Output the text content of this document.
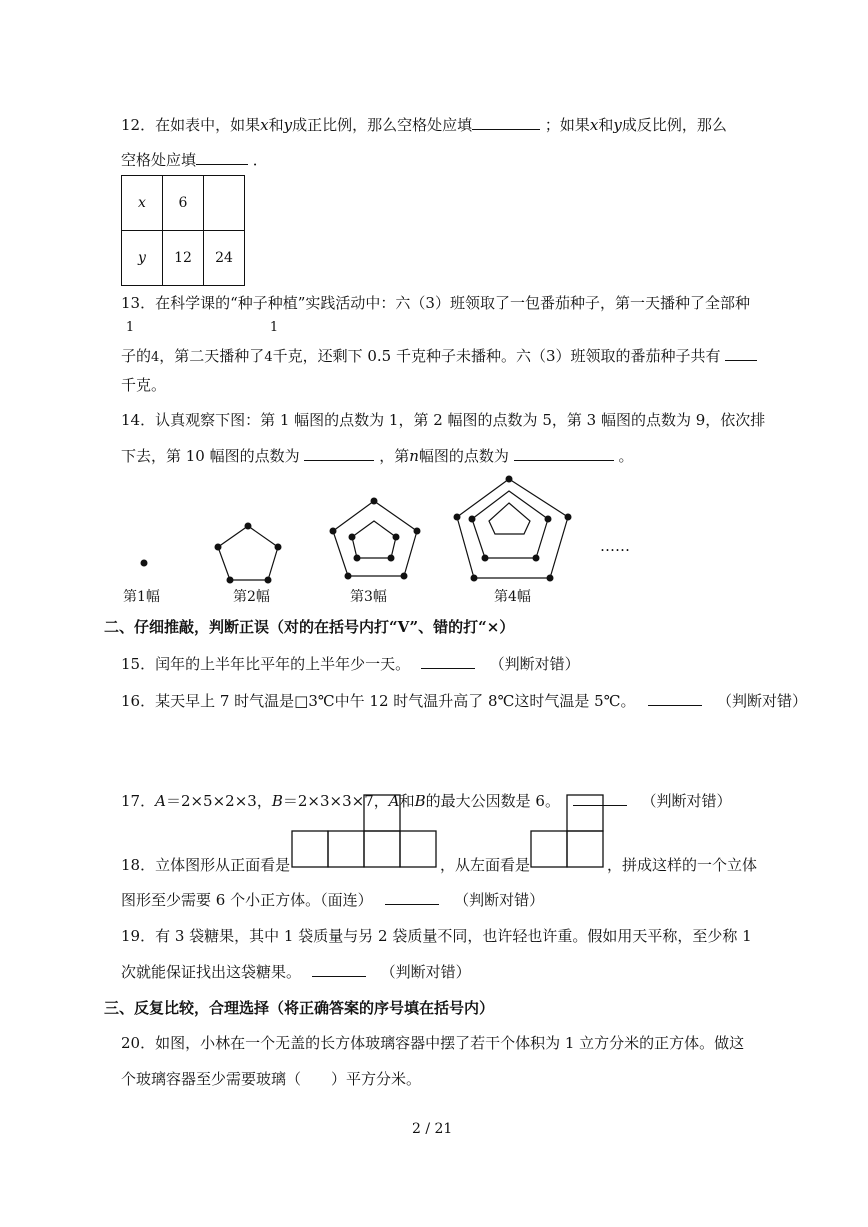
12．在如表中，如果x和y成正比例，那么空格处应填	；如果x和y成反比例，那么
空格处应填	．
x	6	
y	12	24
13．在科学课的“种子种植”实践活动中：六（3）班领取了一包番茄种子，第一天播种了全部种
1	1
子的4，第二天播种了4千克，还剩下 0.5 千克种子未播种。六（3）班领取的番茄种子共有
千克。
14．认真观察下图：第 1 幅图的点数为 1，第 2 幅图的点数为 5，第 3 幅图的点数为 9，依次排
下去，第 10 幅图的点数为	，第n幅图的点数为	。
……
第1幅	第2幅	第3幅	第4幅
二、仔细推敲，判断正误（对的在括号内打“V”、错的打“×）
15．闰年的上半年比平年的上半年少一天。	（判断对错）
16．某天早上 7 时气温是□3℃中午 12 时气温升高了 8℃这时气温是 5℃。	（判断对错）
17．A＝2×5×2×3，B＝2×3×3×7，A和B的最大公因数是 6。	（判断对错）
18．立体图形从正面看是	，从左面看是	，拼成这样的一个立体
图形至少需要 6 个小正方体。（面连）	（判断对错）
19．有 3 袋糖果，其中 1 袋质量与另 2 袋质量不同，也许轻也许重。假如用天平称，至少称 1
次就能保证找出这袋糖果。	（判断对错）
三、反复比较，合理选择（将正确答案的序号填在括号内）
20．如图，小林在一个无盖的长方体玻璃容器中摆了若干个体积为 1 立方分米的正方体。做这
个玻璃容器至少需要玻璃（　　）平方分米。
2 / 21
